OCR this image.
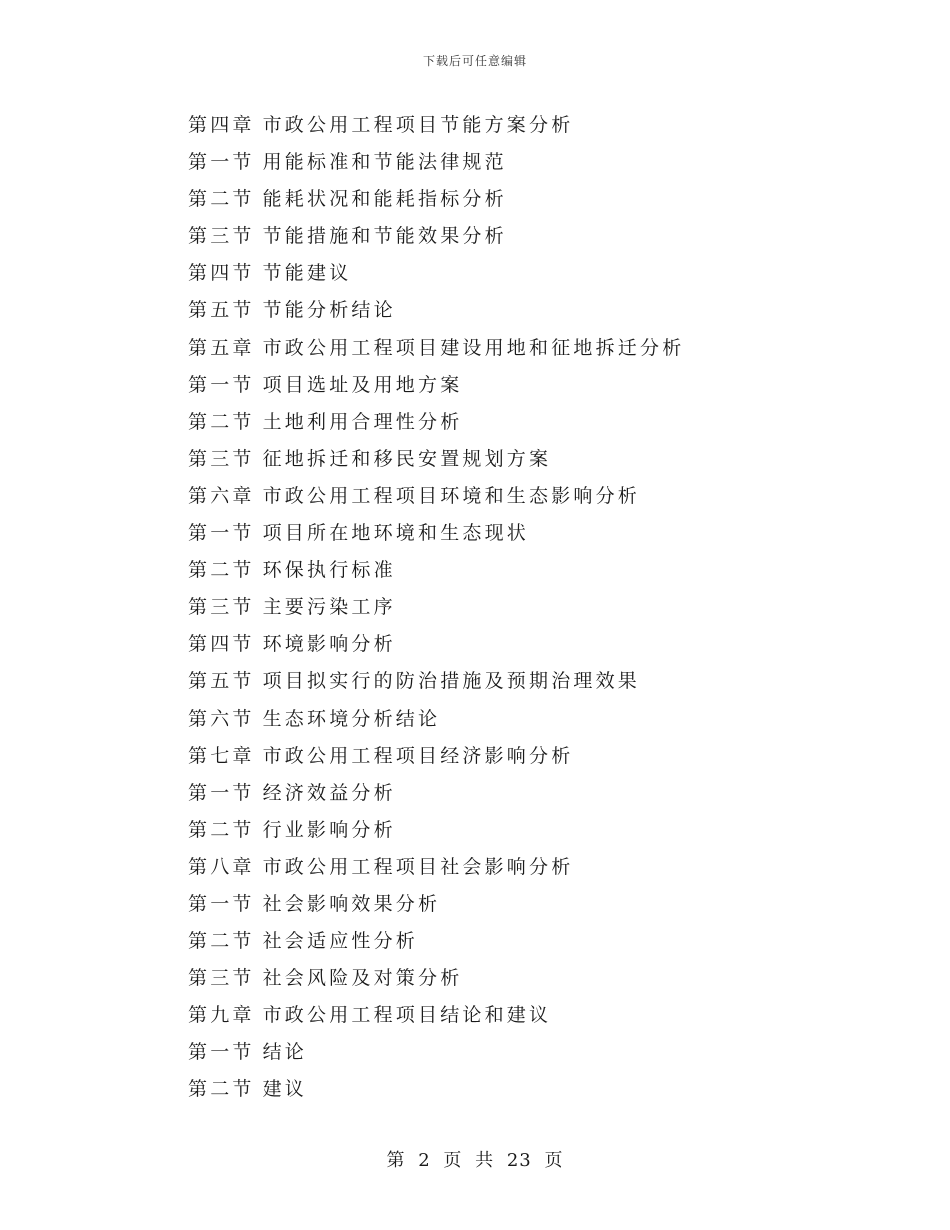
下载后可任意编辑
第四章 市政公用工程项目节能方案分析
第一节 用能标准和节能法律规范
第二节 能耗状况和能耗指标分析
第三节 节能措施和节能效果分析
第四节 节能建议
第五节 节能分析结论
第五章 市政公用工程项目建设用地和征地拆迁分析
第一节 项目选址及用地方案
第二节 土地利用合理性分析
第三节 征地拆迁和移民安置规划方案
第六章 市政公用工程项目环境和生态影响分析
第一节 项目所在地环境和生态现状
第二节 环保执行标准
第三节 主要污染工序
第四节 环境影响分析
第五节 项目拟实行的防治措施及预期治理效果
第六节 生态环境分析结论
第七章 市政公用工程项目经济影响分析
第一节 经济效益分析
第二节 行业影响分析
第八章 市政公用工程项目社会影响分析
第一节 社会影响效果分析
第二节 社会适应性分析
第三节 社会风险及对策分析
第九章 市政公用工程项目结论和建议
第一节 结论
第二节 建议
第 2 页 共 23 页
